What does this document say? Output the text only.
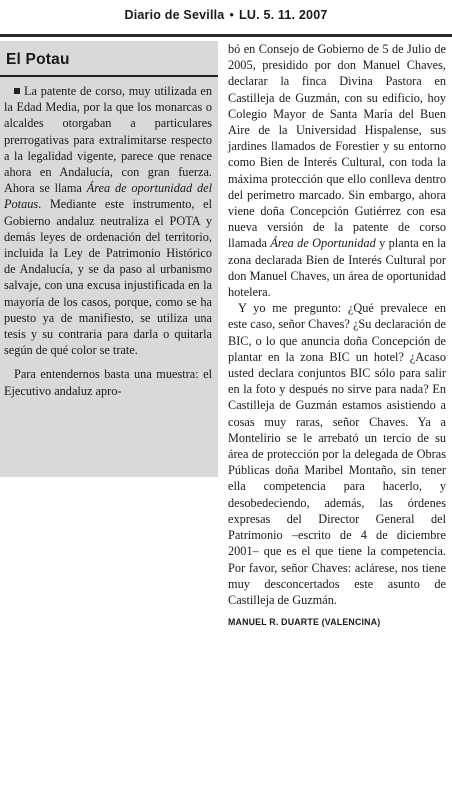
Diario de Sevilla • LU. 5. 11. 2007
El Potau

La patente de corso, muy utilizada en la Edad Media, por la que los monarcas o alcaldes otorgaban a particulares prerrogativas para extralimitarse respecto a la legalidad vigente, parece que renace ahora en Andalucía, con gran fuerza. Ahora se llama Área de oportunidad del Potaus. Mediante este instrumento, el Gobierno andaluz neutraliza el POTA y demás leyes de ordenación del territorio, incluida la Ley de Patrimonio Histórico de Andalucía, y se da paso al urbanismo salvaje, con una excusa injustificada en la mayoría de los casos, porque, como se ha puesto ya de manifiesto, se utiliza una tesis y su contraria para darla o quitarla según de qué color se trate.

Para entendernos basta una muestra: el Ejecutivo andaluz apro-

bó en Consejo de Gobierno de 5 de Julio de 2005, presidido por don Manuel Chaves, declarar la finca Divina Pastora en Castilleja de Guzmán, con su edificio, hoy Colegio Mayor de Santa María del Buen Aire de la Universidad Hispalense, sus jardines llamados de Forestier y su entorno como Bien de Interés Cultural, con toda la máxima protección que ello conlleva dentro del perímetro marcado. Sin embargo, ahora viene doña Concepción Gutiérrez con esa nueva versión de la patente de corso llamada Área de Oportunidad y planta en la zona declarada Bien de Interés Cultural por don Manuel Chaves, un área de oportunidad hotelera.

Y yo me pregunto: ¿Qué prevalece en este caso, señor Chaves? ¿Su declaración de BIC, o lo que anuncia doña Concepción de plantar en la zona BIC un hotel? ¿Acaso usted declara conjuntos BIC sólo para salir en la foto y después no sirve para nada? En Castilleja de Guzmán estamos asistiendo a cosas muy raras, señor Chaves. Ya a Montelirio se le arrebató un tercio de su área de protección por la delegada de Obras Públicas doña Maribel Montaño, sin tener ella competencia para hacerlo, y desobedeciendo, además, las órdenes expresas del Director General del Patrimonio –escrito de 4 de diciembre 2001– que es el que tiene la competencia. Por favor, señor Chaves: aclárese, nos tiene muy desconcertados este asunto de Castilleja de Guzmán.

MANUEL R. DUARTE (VALENCINA)
